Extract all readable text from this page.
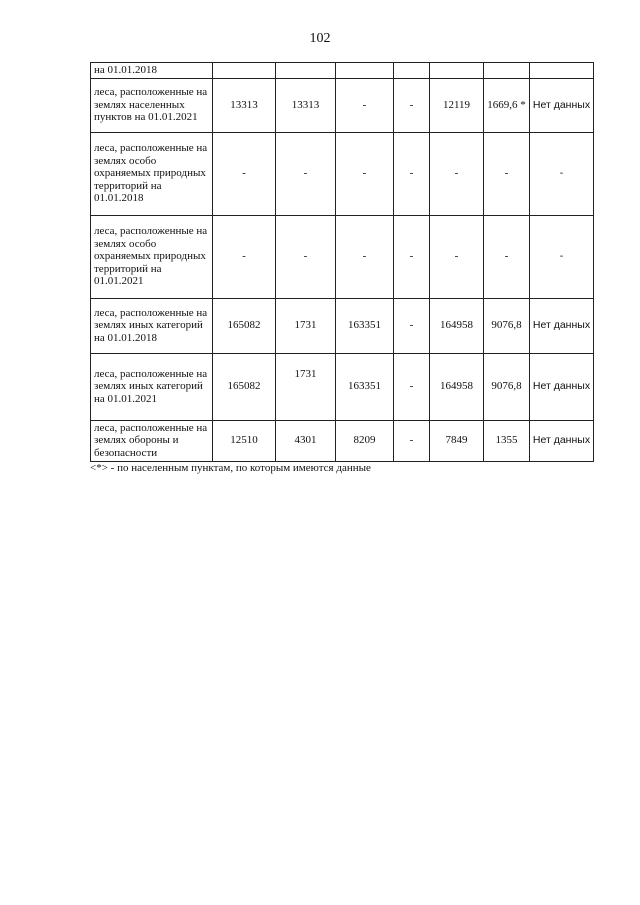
102
на 01.01.2018							
леса, расположенные на землях населенных пунктов на 01.01.2021	13313	13313	-	-	12119	1669,6 *	Нет данных
леса, расположенные на землях особо охраняемых природных территорий на 01.01.2018	-	-	-	-	-	-	-
леса, расположенные на землях особо охраняемых природных территорий на 01.01.2021	-	-	-	-	-	-	-
леса, расположенные на землях иных категорий на 01.01.2018	165082	1731	163351	-	164958	9076,8	Нет данных
леса, расположенные на землях иных категорий на 01.01.2021	165082	1731	163351	-	164958	9076,8	Нет данных
леса, расположенные на землях обороны и безопасности	12510	4301	8209	-	7849	1355	Нет данных
<*> - по населенным пунктам, по которым имеются данные
